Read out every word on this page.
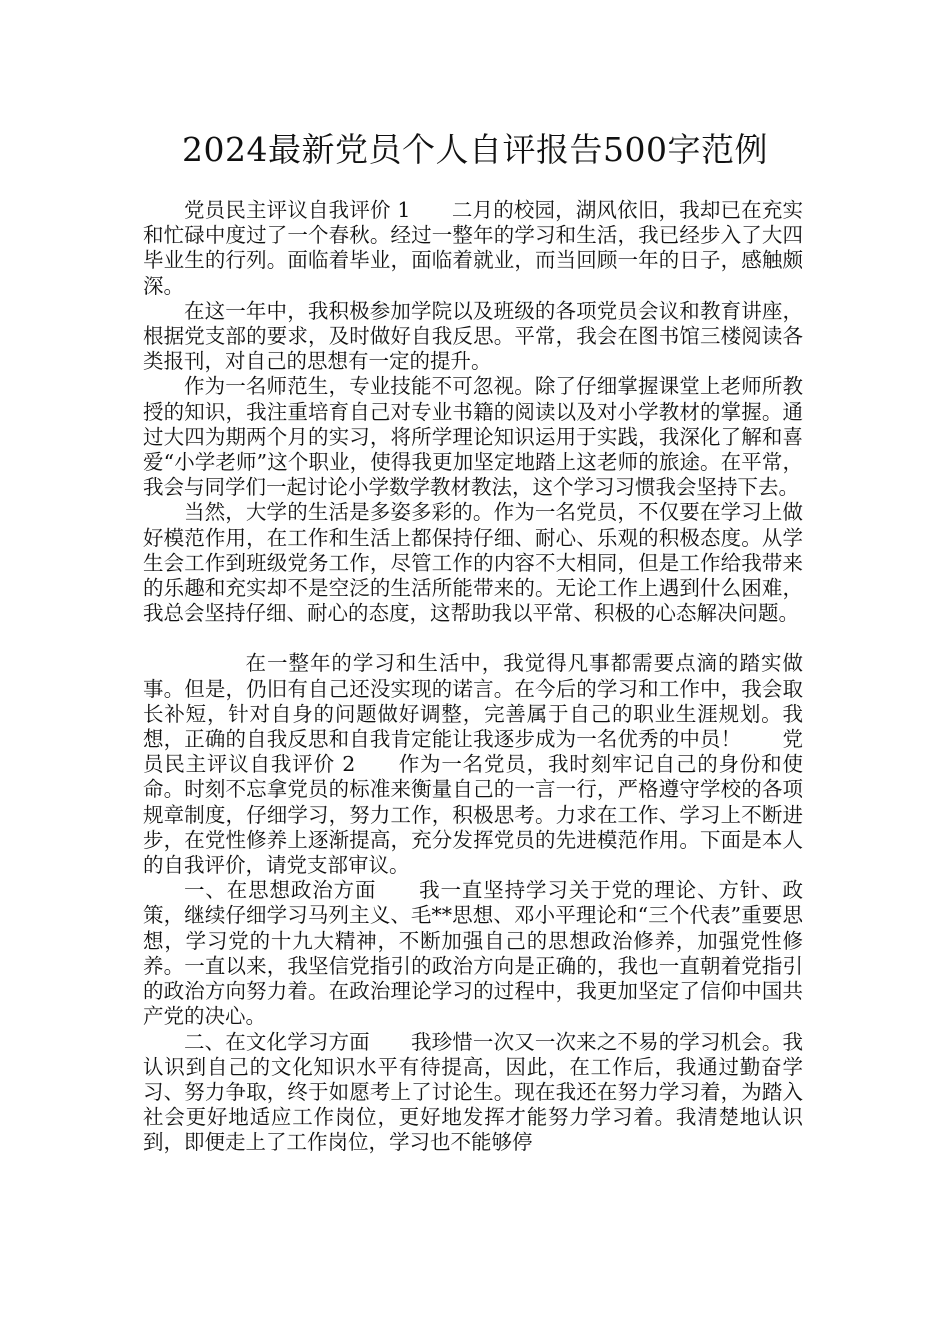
2024最新党员个人自评报告500字范例

党员民主评议自我评价 1　　二月的校园，湖风依旧，我却已在充实和忙碌中度过了一个春秋。经过一整年的学习和生活，我已经步入了大四毕业生的行列。面临着毕业，面临着就业，而当回顾一年的日子，感触颇深。

在这一年中，我积极参加学院以及班级的各项党员会议和教育讲座，根据党支部的要求，及时做好自我反思。平常，我会在图书馆三楼阅读各类报刊，对自己的思想有一定的提升。

作为一名师范生，专业技能不可忽视。除了仔细掌握课堂上老师所教授的知识，我注重培育自己对专业书籍的阅读以及对小学教材的掌握。通过大四为期两个月的实习，将所学理论知识运用于实践，我深化了解和喜爱“小学老师”这个职业，使得我更加坚定地踏上这老师的旅途。在平常，我会与同学们一起讨论小学数学教材教法，这个学习习惯我会坚持下去。

当然，大学的生活是多姿多彩的。作为一名党员，不仅要在学习上做好模范作用，在工作和生活上都保持仔细、耐心、乐观的积极态度。从学生会工作到班级党务工作，尽管工作的内容不大相同，但是工作给我带来的乐趣和充实却不是空泛的生活所能带来的。无论工作上遇到什么困难，我总会坚持仔细、耐心的态度，这帮助我以平常、积极的心态解决问题。

在一整年的学习和生活中，我觉得凡事都需要点滴的踏实做事。但是，仍旧有自己还没实现的诺言。在今后的学习和工作中，我会取长补短，针对自身的问题做好调整，完善属于自己的职业生涯规划。我想，正确的自我反思和自我肯定能让我逐步成为一名优秀的中员！　　党员民主评议自我评价 2　　作为一名党员，我时刻牢记自己的身份和使命。时刻不忘拿党员的标准来衡量自己的一言一行，严格遵守学校的各项规章制度，仔细学习，努力工作，积极思考。力求在工作、学习上不断进步，在党性修养上逐渐提高，充分发挥党员的先进模范作用。下面是本人的自我评价，请党支部审议。

一、在思想政治方面　　我一直坚持学习关于党的理论、方针、政策，继续仔细学习马列主义、毛**思想、邓小平理论和“三个代表”重要思想，学习党的十九大精神，不断加强自己的思想政治修养，加强党性修养。一直以来，我坚信党指引的政治方向是正确的，我也一直朝着党指引的政治方向努力着。在政治理论学习的过程中，我更加坚定了信仰中国共产党的决心。

二、在文化学习方面　　我珍惜一次又一次来之不易的学习机会。我认识到自己的文化知识水平有待提高，因此，在工作后，我通过勤奋学习、努力争取，终于如愿考上了讨论生。现在我还在努力学习着，为踏入社会更好地适应工作岗位，更好地发挥才能努力学习着。我清楚地认识到，即便走上了工作岗位，学习也不能够停
